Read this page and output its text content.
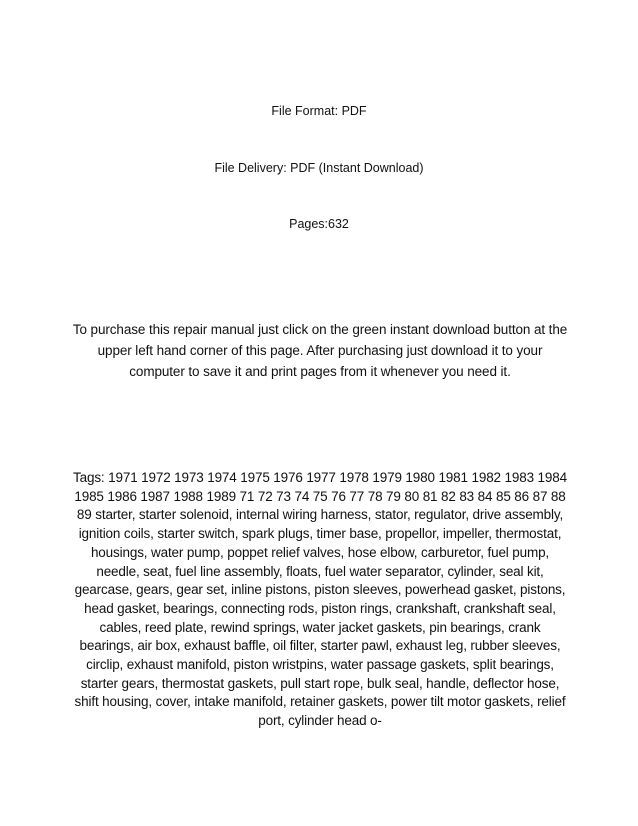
File Format: PDF
File Delivery: PDF (Instant Download)
Pages:632
To purchase this repair manual just click on the green instant download button at the upper left hand corner of this page. After purchasing just download it to your computer to save it and print pages from it whenever you need it.
Tags: 1971 1972 1973 1974 1975 1976 1977 1978 1979 1980 1981 1982 1983 1984 1985 1986 1987 1988 1989 71 72 73 74 75 76 77 78 79 80 81 82 83 84 85 86 87 88 89 starter, starter solenoid, internal wiring harness, stator, regulator, drive assembly, ignition coils, starter switch, spark plugs, timer base, propellor, impeller, thermostat, housings, water pump, poppet relief valves, hose elbow, carburetor, fuel pump, needle, seat, fuel line assembly, floats, fuel water separator, cylinder, seal kit, gearcase, gears, gear set, inline pistons, piston sleeves, powerhead gasket, pistons, head gasket, bearings, connecting rods, piston rings, crankshaft, crankshaft seal, cables, reed plate, rewind springs, water jacket gaskets, pin bearings, crank bearings, air box, exhaust baffle, oil filter, starter pawl, exhaust leg, rubber sleeves, circlip, exhaust manifold, piston wristpins, water passage gaskets, split bearings, starter gears, thermostat gaskets, pull start rope, bulk seal, handle, deflector hose, shift housing, cover, intake manifold, retainer gaskets, power tilt motor gaskets, relief port, cylinder head o-
